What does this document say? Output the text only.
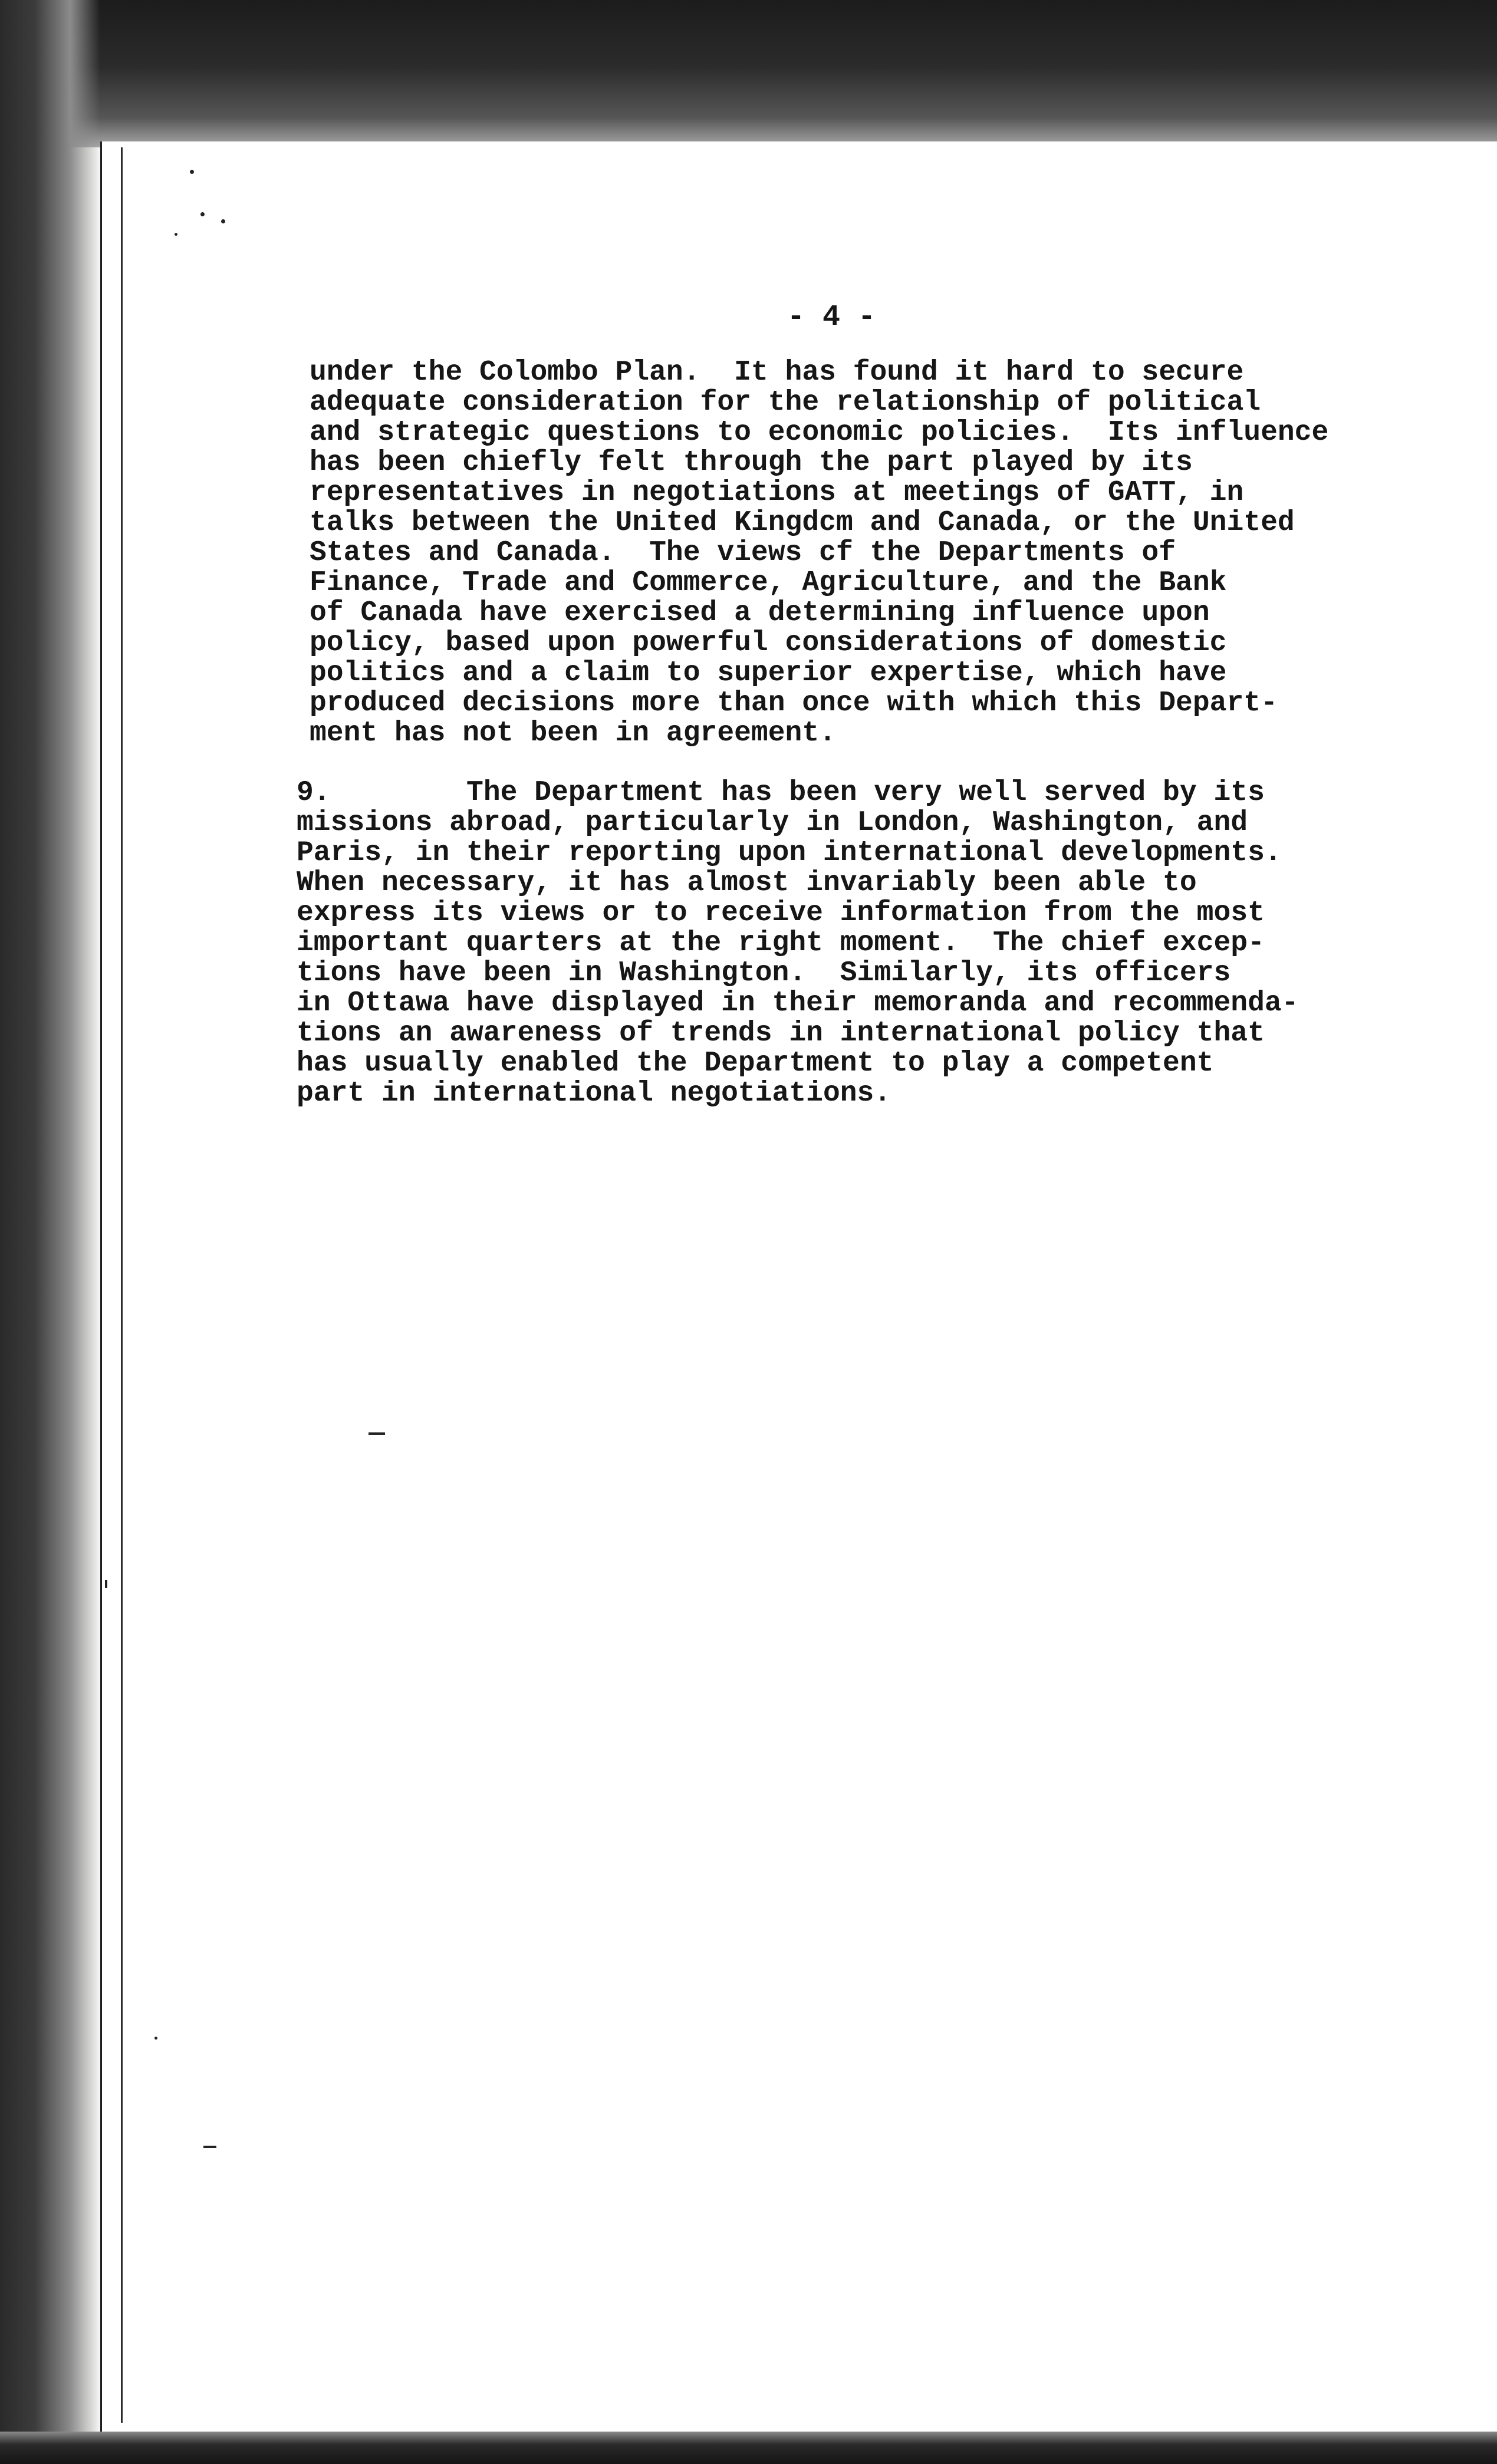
- 4 -
under the Colombo Plan.  It has found it hard to secure
adequate consideration for the relationship of political
and strategic questions to economic policies.  Its influence
has been chiefly felt through the part played by its
representatives in negotiations at meetings of GATT, in
talks between the United Kingdcm and Canada, or the United
States and Canada.  The views cf the Departments of
Finance, Trade and Commerce, Agriculture, and the Bank
of Canada have exercised a determining influence upon
policy, based upon powerful considerations of domestic
politics and a claim to superior expertise, which have
produced decisions more than once with which this Depart-
ment has not been in agreement.
9.        The Department has been very well served by its
missions abroad, particularly in London, Washington, and
Paris, in their reporting upon international developments.
When necessary, it has almost invariably been able to
express its views or to receive information from the most
important quarters at the right moment.  The chief excep-
tions have been in Washington.  Similarly, its officers
in Ottawa have displayed in their memoranda and recommenda-
tions an awareness of trends in international policy that
has usually enabled the Department to play a competent
part in international negotiations.
